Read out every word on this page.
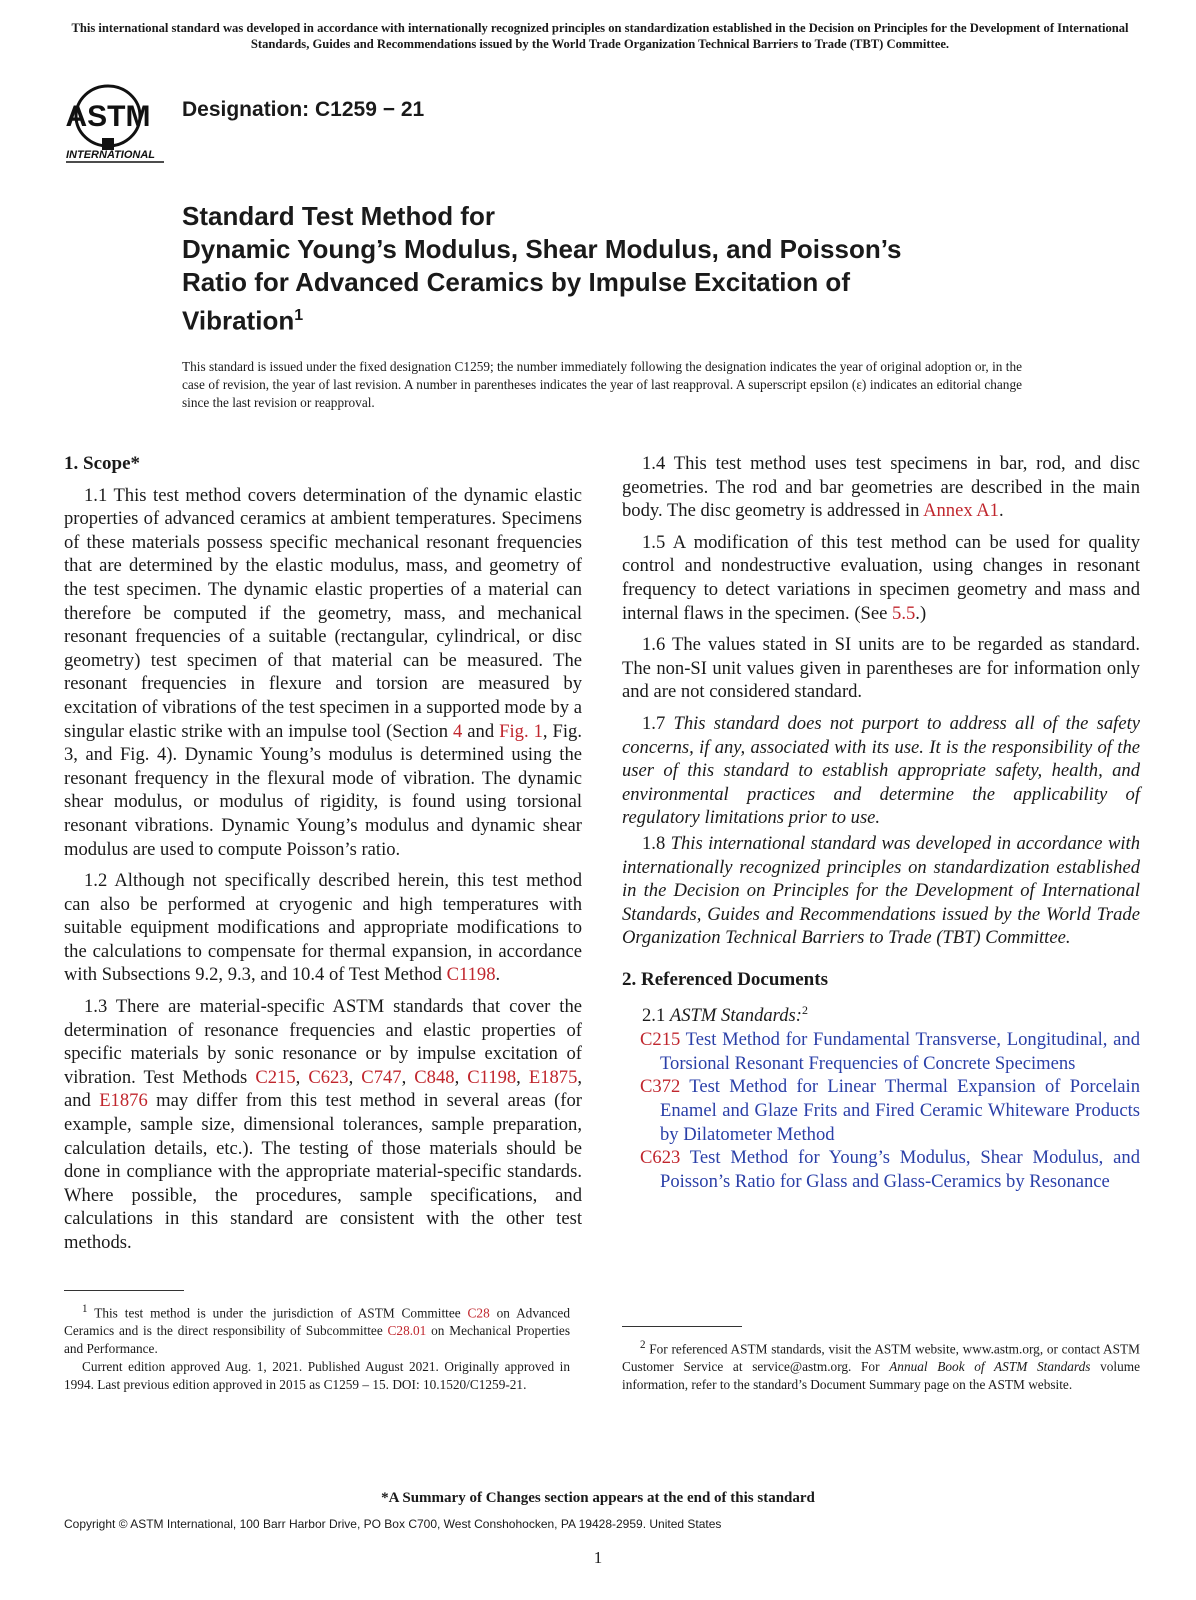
This international standard was developed in accordance with internationally recognized principles on standardization established in the Decision on Principles for the Development of International Standards, Guides and Recommendations issued by the World Trade Organization Technical Barriers to Trade (TBT) Committee.
ASTM
INTERNATIONAL
Designation: C1259 − 21
Standard Test Method for
Dynamic Young’s Modulus, Shear Modulus, and Poisson’s
Ratio for Advanced Ceramics by Impulse Excitation of
Vibration$^1$
This standard is issued under the fixed designation C1259; the number immediately following the designation indicates the year of original adoption or, in the case of revision, the year of last revision. A number in parentheses indicates the year of last reapproval. A superscript epsilon (ε) indicates an editorial change since the last revision or reapproval.
1. Scope*

1.1 This test method covers determination of the dynamic elastic properties of advanced ceramics at ambient temperatures. Specimens of these materials possess specific mechanical resonant frequencies that are determined by the elastic modulus, mass, and geometry of the test specimen. The dynamic elastic properties of a material can therefore be computed if the geometry, mass, and mechanical resonant frequencies of a suitable (rectangular, cylindrical, or disc geometry) test specimen of that material can be measured. The resonant frequencies in flexure and torsion are measured by excitation of vibrations of the test specimen in a supported mode by a singular elastic strike with an impulse tool (Section 4 and Fig. 1, Fig. 3, and Fig. 4). Dynamic Young’s modulus is determined using the resonant frequency in the flexural mode of vibration. The dynamic shear modulus, or modulus of rigidity, is found using torsional resonant vibrations. Dynamic Young’s modulus and dynamic shear modulus are used to compute Poisson’s ratio.

1.2 Although not specifically described herein, this test method can also be performed at cryogenic and high temperatures with suitable equipment modifications and appropriate modifications to the calculations to compensate for thermal expansion, in accordance with Subsections 9.2, 9.3, and 10.4 of Test Method C1198.

1.3 There are material-specific ASTM standards that cover the determination of resonance frequencies and elastic properties of specific materials by sonic resonance or by impulse excitation of vibration. Test Methods C215, C623, C747, C848, C1198, E1875, and E1876 may differ from this test method in several areas (for example, sample size, dimensional tolerances, sample preparation, calculation details, etc.). The testing of those materials should be done in compliance with the appropriate material-specific standards. Where possible, the procedures, sample specifications, and calculations in this standard are consistent with the other test methods.

1.4 This test method uses test specimens in bar, rod, and disc geometries. The rod and bar geometries are described in the main body. The disc geometry is addressed in Annex A1.

1.5 A modification of this test method can be used for quality control and nondestructive evaluation, using changes in resonant frequency to detect variations in specimen geometry and mass and internal flaws in the specimen. (See 5.5.)

1.6 The values stated in SI units are to be regarded as standard. The non-SI unit values given in parentheses are for information only and are not considered standard.

1.7 This standard does not purport to address all of the safety concerns, if any, associated with its use. It is the responsibility of the user of this standard to establish appropriate safety, health, and environmental practices and determine the applicability of regulatory limitations prior to use.

1.8 This international standard was developed in accordance with internationally recognized principles on standardization established in the Decision on Principles for the Development of International Standards, Guides and Recommendations issued by the World Trade Organization Technical Barriers to Trade (TBT) Committee.

2. Referenced Documents

2.1 ASTM Standards:$^2$

C215 Test Method for Fundamental Transverse, Longitudinal, and Torsional Resonant Frequencies of Concrete Specimens
C372 Test Method for Linear Thermal Expansion of Porcelain Enamel and Glaze Frits and Fired Ceramic Whiteware Products by Dilatometer Method
C623 Test Method for Young’s Modulus, Shear Modulus, and Poisson’s Ratio for Glass and Glass-Ceramics by Resonance

$^1$ This test method is under the jurisdiction of ASTM Committee C28 on Advanced Ceramics and is the direct responsibility of Subcommittee C28.01 on Mechanical Properties and Performance.

Current edition approved Aug. 1, 2021. Published August 2021. Originally approved in 1994. Last previous edition approved in 2015 as C1259 – 15. DOI: 10.1520/C1259-21.

$^2$ For referenced ASTM standards, visit the ASTM website, www.astm.org, or contact ASTM Customer Service at service@astm.org. For Annual Book of ASTM Standards volume information, refer to the standard’s Document Summary page on the ASTM website.

*A Summary of Changes section appears at the end of this standard
Copyright © ASTM International, 100 Barr Harbor Drive, PO Box C700, West Conshohocken, PA 19428-2959. United States
1
